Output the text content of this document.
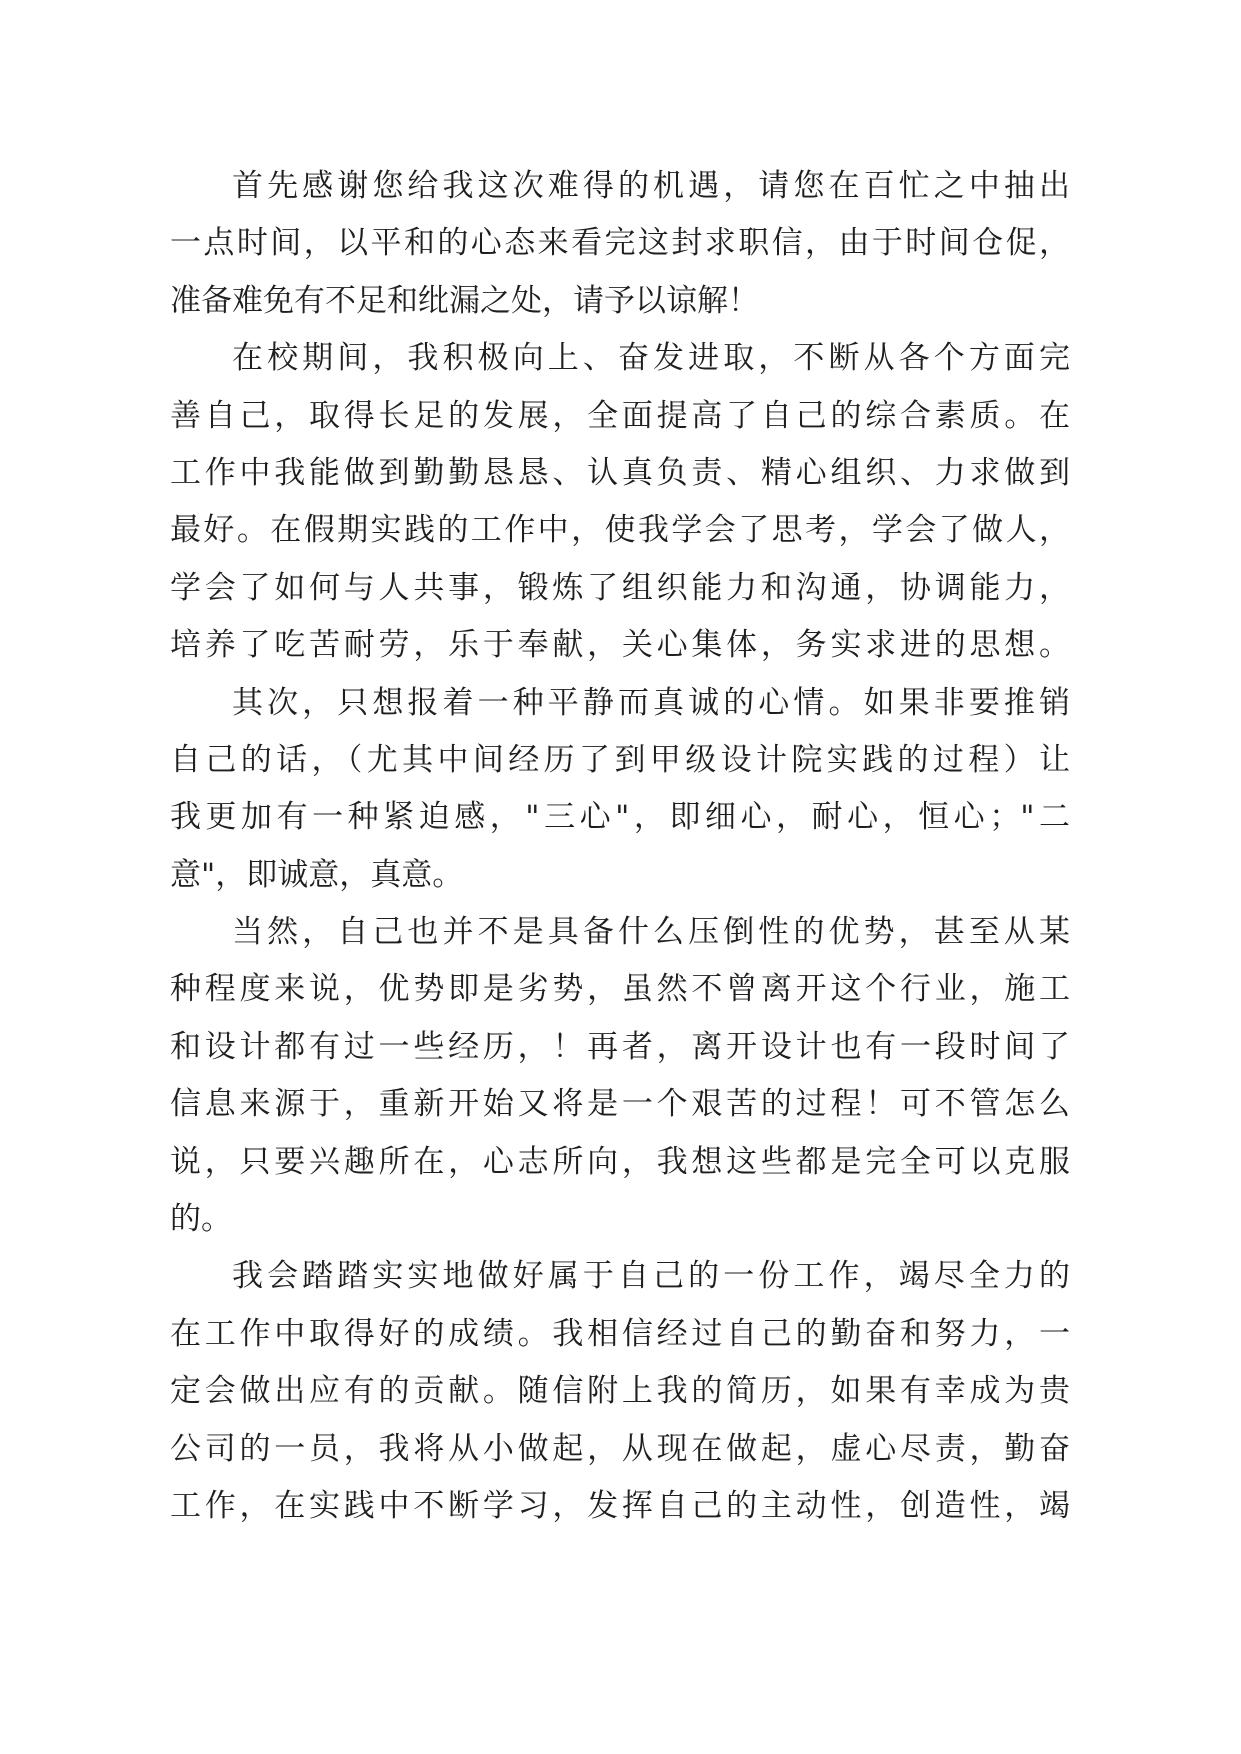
首先感谢您给我这次难得的机遇，请您在百忙之中抽出
一点时间，以平和的心态来看完这封求职信，由于时间仓促，
准备难免有不足和纰漏之处，请予以谅解！
在校期间，我积极向上、奋发进取，不断从各个方面完
善自己，取得长足的发展，全面提高了自己的综合素质。在
工作中我能做到勤勤恳恳、认真负责、精心组织、力求做到
最好。在假期实践的工作中，使我学会了思考，学会了做人，
学会了如何与人共事，锻炼了组织能力和沟通，协调能力，
培养了吃苦耐劳，乐于奉献，关心集体，务实求进的思想。
其次，只想报着一种平静而真诚的心情。如果非要推销
自己的话，（尤其中间经历了到甲级设计院实践的过程）让
我更加有一种紧迫感，"三心"，即细心，耐心，恒心；"二
意"，即诚意，真意。
当然，自己也并不是具备什么压倒性的优势，甚至从某
种程度来说，优势即是劣势，虽然不曾离开这个行业，施工
和设计都有过一些经历，！再者，离开设计也有一段时间了
信息来源于，重新开始又将是一个艰苦的过程！可不管怎么
说，只要兴趣所在，心志所向，我想这些都是完全可以克服
的。
我会踏踏实实地做好属于自己的一份工作，竭尽全力的
在工作中取得好的成绩。我相信经过自己的勤奋和努力，一
定会做出应有的贡献。随信附上我的简历，如果有幸成为贵
公司的一员，我将从小做起，从现在做起，虚心尽责，勤奋
工作，在实践中不断学习，发挥自己的主动性，创造性，竭
